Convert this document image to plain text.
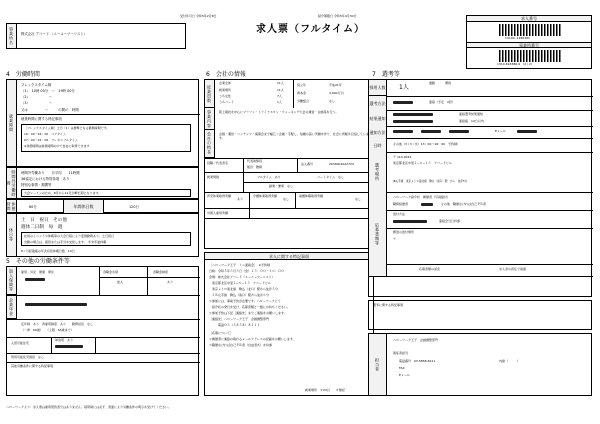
受付年月日 令和5年2月8日	紹介期限日 令和5年4月30日
事業所名	株式会社 アコード （エーユーツーリスト）	求人票（フルタイム）
求人番号
13100- 1286361
事業所番号
1310-618386-9 （2 / 2）
4　労働時間
就業時間
フレックスタイム制
（1）　10時 00分　〜　19時 00分
（2）　　　　　　〜
（3）　　　　　　〜
又は　　　　　〜　　　の間の　時間
就業時間に関する特記事項
［フレックスタイム制］土日（1）は標準となる勤務時間です。
10：00〜16：00　コアタイム
07：00〜22：00　フレキシブルタイム
※休憩時間は就業時間の中で自由に取得できます
時間外労働時間
時間外労働あり　　月平均　　11時間
36協定における特別条項　あり
特別な事情・期間等
大会シーズンのため、8月から11月が繁忙期となります。
休憩時間	60分	年間休日数	120日
休日等
土　日　祝日　その他
週休二日制　毎　週
社員のイベントや休暇等の大会日程により変則勤務あり。土日祝日
出勤の場合は、振替または手当を支給します。　年末年始休暇
6ヶ月経過後の年次有給休暇日数　10日
5　その他の労働条件等
加入保険等	雇用　労災　健康　厚生	退職金共済	退職金制度
加入	あり
企業年金
定年制　あり　再雇用制度　あり　　勤務延長　なし
（一律　60歳）　　（上限　65歳まで）
入居可能住宅
単身用　あり
利用可能託児施設　なし
其他労働条件に関する特記事項
6　会社の情報
従業員数
企業全体	11人
就業場所	11人
うち女性	7人
うちパート	1人
設立年	平成21年
資本金	3,000万円
労働組合	なし
事業内容	陸上競技を中心にマラソン・トライアスロン・ウォーキング大会の運営・企画等を行う。
会社の特長	企画・運営・コンテンツ・演奏会まで幅広く企画・手配し、信頼の高い実績を作り、社会に貢献を目指しています。
役職／代表者名	代表取締役
飯田　雅樹
法人番号	2030001022724
就業規則	フルタイム　あり	パートタイム　なし
副業・兼業　なし
育児休業取得実績
あり
介護休業取得実績
なし
看護休暇取得実績
なし
外国人雇用実績
求人に関する特記事項
［ハローワーク王子　ミニ面接会］　※予約制
日時：令和５年３月３日（金）１３：００〜１６：００
会場：株式会社アコード（エーユーツーリスト）
　東京都北区中里２−６−１３　アコードビル
　東京メトロ南北線　駒込（北口）駅から徒歩５分
　ＪＲ山手線　駒込（南口）駅から徒歩６分
＊参加には、事前予約が必要です。ハローワークにて
　紹介状の発行を受け、応募書類と一緒にお持ちください。
＊参加予約は下記［連絡先］までご連絡をお願いします。
［連絡先］ハローワーク王子　企画調整部門
　　　電話０３（５８５８）８１１１
［応募について］
＊履歴書に連絡の取れるメールアドレスの記載をお願いします。
＊職歴なければ自己ＰＲ書（自由書式）を持参
就業場所　＃23以　　＃無記
7　選考等
採用人数 1人
通勤	増員
選考方法	面接（予定　2回）
結果通知
面接選考結果通知
面接後　14日以内
通知方法	Eメール
日時	その他（3 / 3（水）13：00〜16：00　予約制）
選考場所
〒 114-0015
東京都北区中里２−６−１３　アコードビル
JR山手線　東京メトロ南北線　駒込（南口）駅　から　徒歩5分
応募書類等
ハローワーク紹介状　履歴書（写真貼付）
職務経歴書	その他　職歴なければ自己ＰＲ書
送付方法
面接会当日持参
郵送の送付場所
〒
応募書類の返戻	求人者の責任で廃棄
選考に関する特記事項
担当者
ハローワーク王子　企画調整部門
国係者担当
電話番号　03-5858-8111	内線（　　　）
FAX
Eメール
ハローワークより：求人票は雇用契約書ではありません。採用時には必ず、書面により労働条件の明示を受けてください。
